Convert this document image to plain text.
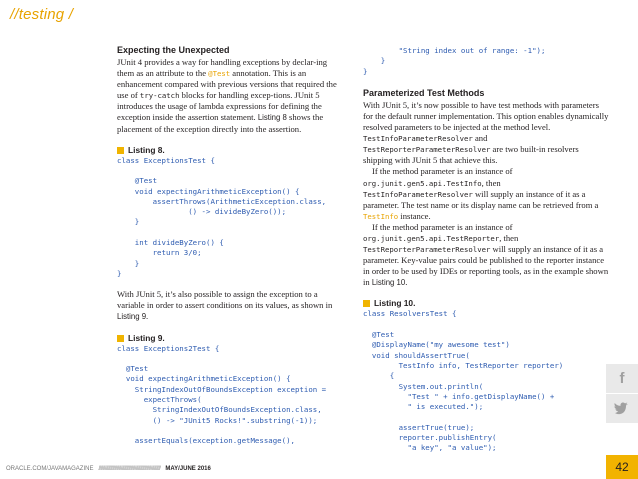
//testing /
Expecting the Unexpected

JUnit 4 provides a way for handling exceptions by declar-ing them as an attribute to the @Test annotation. This is an enhancement compared with previous versions that required the use of try-catch blocks for handling excep-tions. JUnit 5 introduces the usage of lambda expressions for defining the exception inside the assertion statement. Listing 8 shows the placement of the exception directly into the assertion.

Listing 8.
class ExceptionsTest {

@Test
void expectingArithmeticException() {
assertThrows(ArithmeticException.class,
() -> divideByZero());
}

int divideByZero() {
return 3/0;
}
}

With JUnit 5, it’s also possible to assign the exception to a variable in order to assert conditions on its values, as shown in Listing 9.

Listing 9.
class Exceptions2Test {

@Test
void expectingArithmeticException() {
StringIndexOutOfBoundsException exception =
expectThrows(
StringIndexOutOfBoundsException.class,
() -> "JUnit5 Rocks!".substring(-1));

assertEquals(exception.getMessage(),
"String index out of range: -1");
}
}
Parameterized Test Methods

With JUnit 5, it’s now possible to have test methods with parameters for the default runner implementation. This option enables dynamically resolved parameters to be injected at the method level. TestInfoParameterResolver and TestReporterParameterResolver are two built-in resolvers shipping with JUnit 5 that achieve this.

If the method parameter is an instance of org.junit.gen5.api.TestInfo, then TestInfoParameterResolver will supply an instance of it as a parameter. The test name or its display name can be retrieved from a TestInfo instance.

If the method parameter is an instance of org.junit.gen5.api.TestReporter, then TestReporterParameterResolver will supply an instance of it as a parameter. Key-value pairs could be published to the reporter instance in order to be used by IDEs or reporting tools, as in the example shown in Listing 10.

Listing 10.
class ResolversTest {

@Test
@DisplayName("my awesome test")
void shouldAssertTrue(
TestInfo info, TestReporter reporter)
{
System.out.println(
"Test " + info.getDisplayName() +
" is executed.");

assertTrue(true);
reporter.publishEntry(
"a key", "a value");
f
42
ORACLE.COM/JAVAMAGAZINE ////////////////////////////////////////////////////////// MAY/JUNE 2016
